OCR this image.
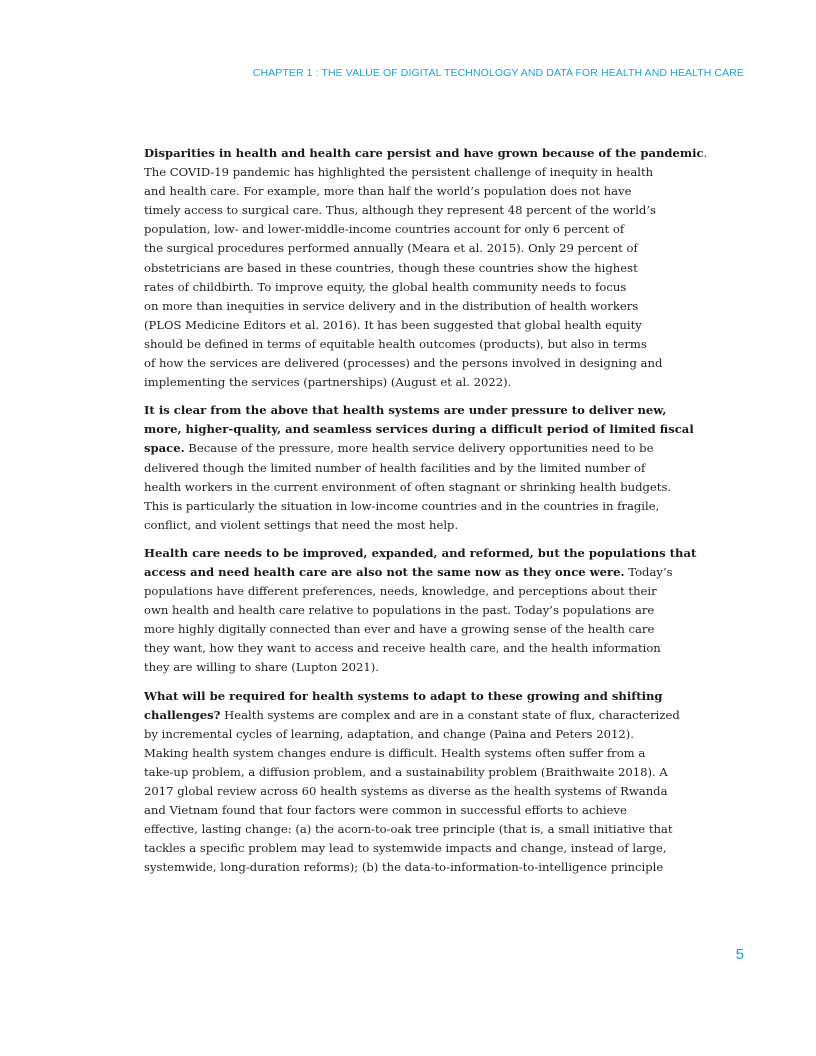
CHAPTER 1 : THE VALUE OF DIGITAL TECHNOLOGY AND DATA FOR HEALTH AND HEALTH CARE

Disparities in health and health care persist and have grown because of the pandemic.
The COVID-19 pandemic has highlighted the persistent challenge of inequity in health
and health care. For example, more than half the world’s population does not have
timely access to surgical care. Thus, although they represent 48 percent of the world’s
population, low- and lower-middle-income countries account for only 6 percent of
the surgical procedures performed annually (Meara et al. 2015). Only 29 percent of
obstetricians are based in these countries, though these countries show the highest
rates of childbirth. To improve equity, the global health community needs to focus
on more than inequities in service delivery and in the distribution of health workers
(PLOS Medicine Editors et al. 2016). It has been suggested that global health equity
should be defined in terms of equitable health outcomes (products), but also in terms
of how the services are delivered (processes) and the persons involved in designing and
implementing the services (partnerships) (August et al. 2022).

It is clear from the above that health systems are under pressure to deliver new,
more, higher-quality, and seamless services during a difficult period of limited fiscal
space. Because of the pressure, more health service delivery opportunities need to be
delivered though the limited number of health facilities and by the limited number of
health workers in the current environment of often stagnant or shrinking health budgets.
This is particularly the situation in low-income countries and in the countries in fragile,
conflict, and violent settings that need the most help.

Health care needs to be improved, expanded, and reformed, but the populations that
access and need health care are also not the same now as they once were. Today’s
populations have different preferences, needs, knowledge, and perceptions about their
own health and health care relative to populations in the past. Today’s populations are
more highly digitally connected than ever and have a growing sense of the health care
they want, how they want to access and receive health care, and the health information
they are willing to share (Lupton 2021).

What will be required for health systems to adapt to these growing and shifting
challenges? Health systems are complex and are in a constant state of flux, characterized
by incremental cycles of learning, adaptation, and change (Paina and Peters 2012).
Making health system changes endure is difficult. Health systems often suffer from a
take-up problem, a diffusion problem, and a sustainability problem (Braithwaite 2018). A
2017 global review across 60 health systems as diverse as the health systems of Rwanda
and Vietnam found that four factors were common in successful efforts to achieve
effective, lasting change: (a) the acorn-to-oak tree principle (that is, a small initiative that
tackles a specific problem may lead to systemwide impacts and change, instead of large,
systemwide, long-duration reforms); (b) the data-to-information-to-intelligence principle

5
